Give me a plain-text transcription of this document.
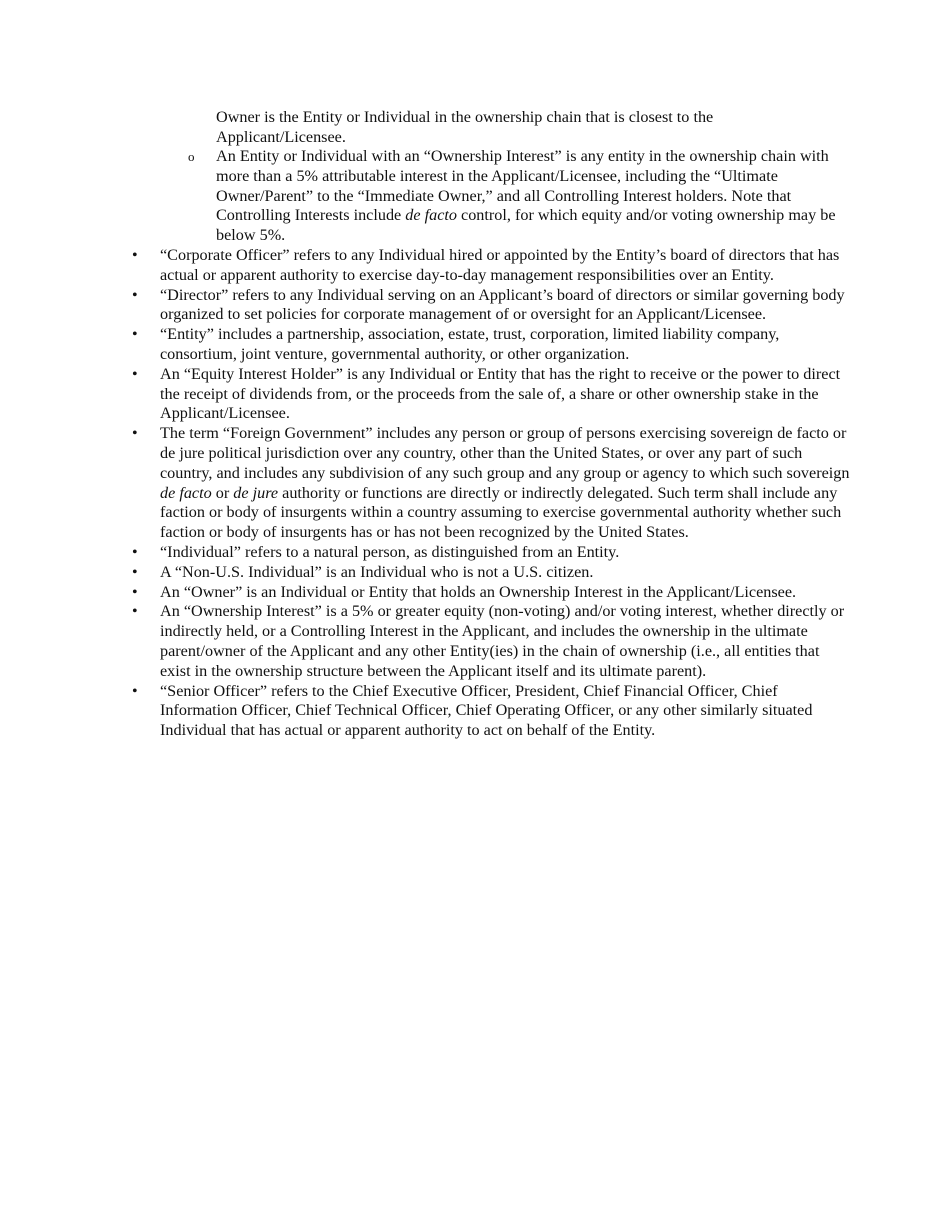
Owner is the Entity or Individual in the ownership chain that is closest to the Applicant/Licensee.

o An Entity or Individual with an “Ownership Interest” is any entity in the ownership chain with more than a 5% attributable interest in the Applicant/Licensee, including the “Ultimate Owner/Parent” to the “Immediate Owner,” and all Controlling Interest holders. Note that Controlling Interests include de facto control, for which equity and/or voting ownership may be below 5%.

• “Corporate Officer” refers to any Individual hired or appointed by the Entity’s board of directors that has actual or apparent authority to exercise day-to-day management responsibilities over an Entity.
• “Director” refers to any Individual serving on an Applicant’s board of directors or similar governing body organized to set policies for corporate management of or oversight for an Applicant/Licensee.
• “Entity” includes a partnership, association, estate, trust, corporation, limited liability company, consortium, joint venture, governmental authority, or other organization.
• An “Equity Interest Holder” is any Individual or Entity that has the right to receive or the power to direct the receipt of dividends from, or the proceeds from the sale of, a share or other ownership stake in the Applicant/Licensee.
• The term “Foreign Government” includes any person or group of persons exercising sovereign de facto or de jure political jurisdiction over any country, other than the United States, or over any part of such country, and includes any subdivision of any such group and any group or agency to which such sovereign de facto or de jure authority or functions are directly or indirectly delegated. Such term shall include any faction or body of insurgents within a country assuming to exercise governmental authority whether such faction or body of insurgents has or has not been recognized by the United States.
• “Individual” refers to a natural person, as distinguished from an Entity.
• A “Non-U.S. Individual” is an Individual who is not a U.S. citizen.
• An “Owner” is an Individual or Entity that holds an Ownership Interest in the Applicant/Licensee.
• An “Ownership Interest” is a 5% or greater equity (non-voting) and/or voting interest, whether directly or indirectly held, or a Controlling Interest in the Applicant, and includes the ownership in the ultimate parent/owner of the Applicant and any other Entity(ies) in the chain of ownership (i.e., all entities that exist in the ownership structure between the Applicant itself and its ultimate parent).
• “Senior Officer” refers to the Chief Executive Officer, President, Chief Financial Officer, Chief Information Officer, Chief Technical Officer, Chief Operating Officer, or any other similarly situated Individual that has actual or apparent authority to act on behalf of the Entity.
